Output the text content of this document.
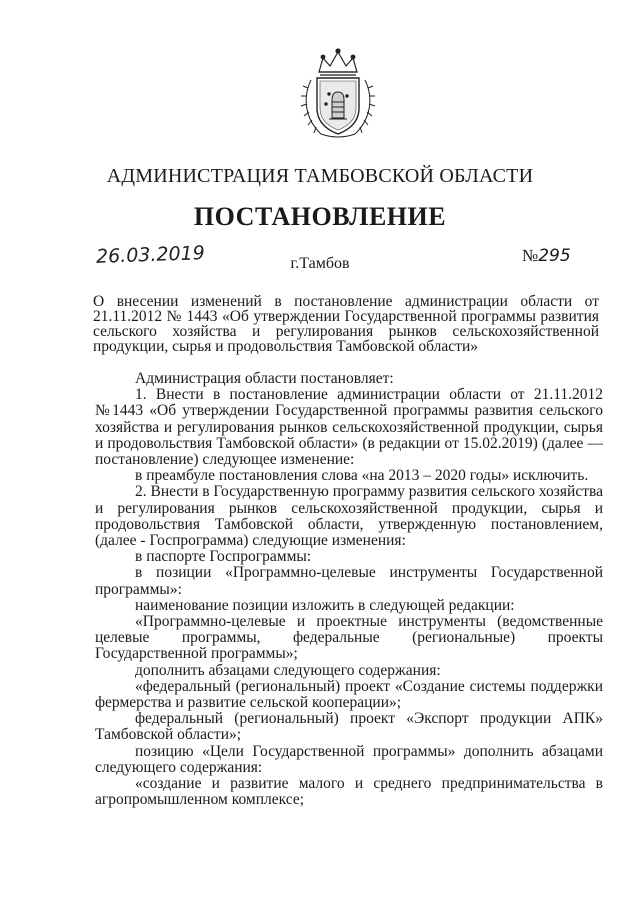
АДМИНИСТРАЦИЯ ТАМБОВСКОЙ ОБЛАСТИ
ПОСТАНОВЛЕНИЕ
26.03.2019	г.Тамбов	№295
О внесении изменений в постановление администрации области от 21.11.2012 № 1443 «Об утверждении Государственной программы развития сельского хозяйства и регулирования рынков сельскохозяйственной продукции, сырья и продовольствия Тамбовской области»

Администрация области постановляет:

1. Внести в постановление администрации области от 21.11.2012 №1443 «Об утверждении Государственной программы развития сельского хозяйства и регулирования рынков сельскохозяйственной продукции, сырья и продовольствия Тамбовской области» (в редакции от 15.02.2019) (далее — постановление) следующее изменение:

в преамбуле постановления слова «на 2013 – 2020 годы» исключить.

2. Внести в Государственную программу развития сельского хозяйства и регулирования рынков сельскохозяйственной продукции, сырья и продовольствия Тамбовской области, утвержденную постановлением, (далее - Госпрограмма) следующие изменения:

в паспорте Госпрограммы:

в позиции «Программно-целевые инструменты Государственной программы»:

наименование позиции изложить в следующей редакции:

«Программно-целевые и проектные инструменты (ведомственные целевые программы, федеральные (региональные) проекты Государственной программы»;

дополнить абзацами следующего содержания:

«федеральный (региональный) проект «Создание системы поддержки фермерства и развитие сельской кооперации»;

федеральный (региональный) проект «Экспорт продукции АПК» Тамбовской области»;

позицию «Цели Государственной программы» дополнить абзацами следующего содержания:

«создание и развитие малого и среднего предпринимательства в агропромышленном комплексе;
